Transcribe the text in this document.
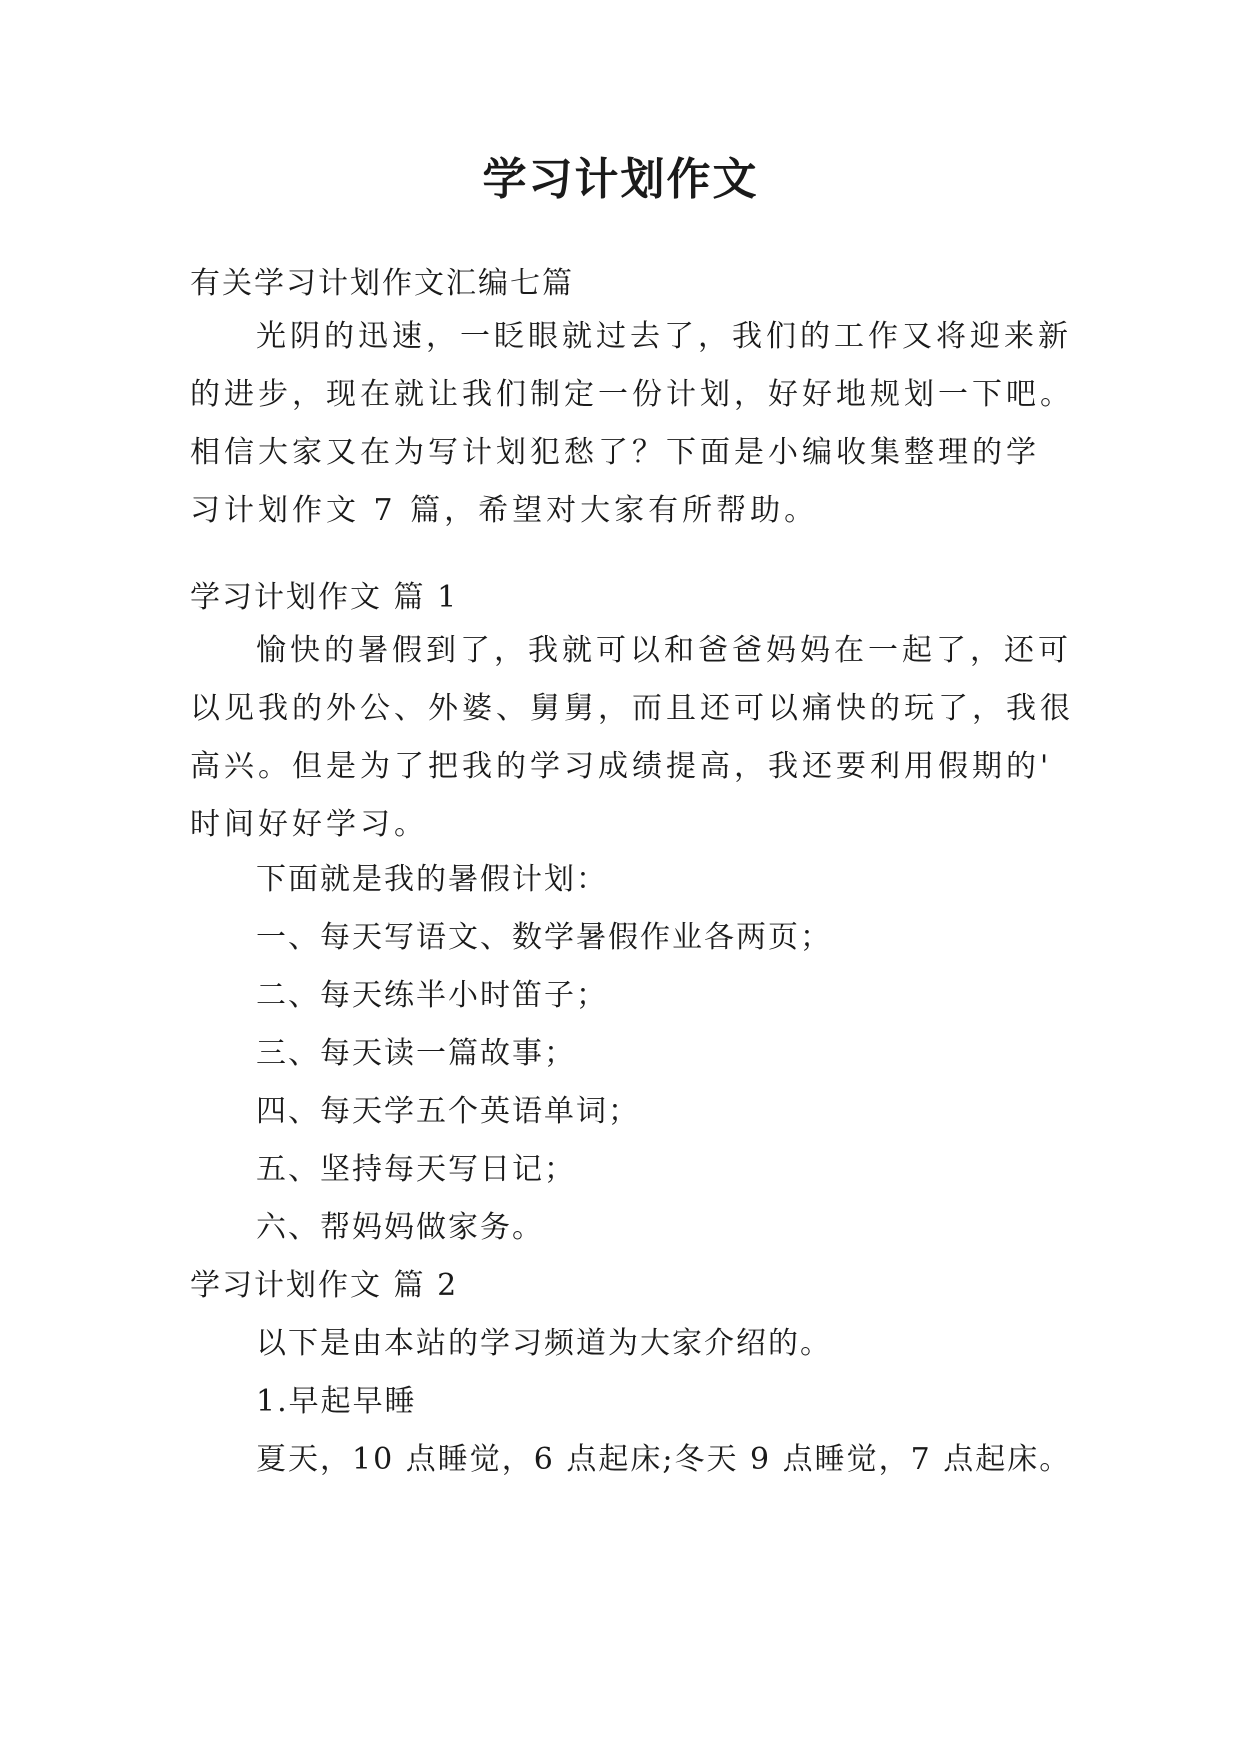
学习计划作文
有关学习计划作文汇编七篇
光阴的迅速，一眨眼就过去了，我们的工作又将迎来新
的进步，现在就让我们制定一份计划，好好地规划一下吧。
相信大家又在为写计划犯愁了？下面是小编收集整理的学
习计划作文 7 篇，希望对大家有所帮助。
学习计划作文 篇 1
愉快的暑假到了，我就可以和爸爸妈妈在一起了，还可
以见我的外公、外婆、舅舅，而且还可以痛快的玩了，我很
高兴。但是为了把我的学习成绩提高，我还要利用假期的'
时间好好学习。
下面就是我的暑假计划：
一、每天写语文、数学暑假作业各两页；
二、每天练半小时笛子；
三、每天读一篇故事；
四、每天学五个英语单词；
五、坚持每天写日记；
六、帮妈妈做家务。
学习计划作文 篇 2
以下是由本站的学习频道为大家介绍的。
1.早起早睡
夏天，10 点睡觉，6 点起床;冬天 9 点睡觉，7 点起床。
